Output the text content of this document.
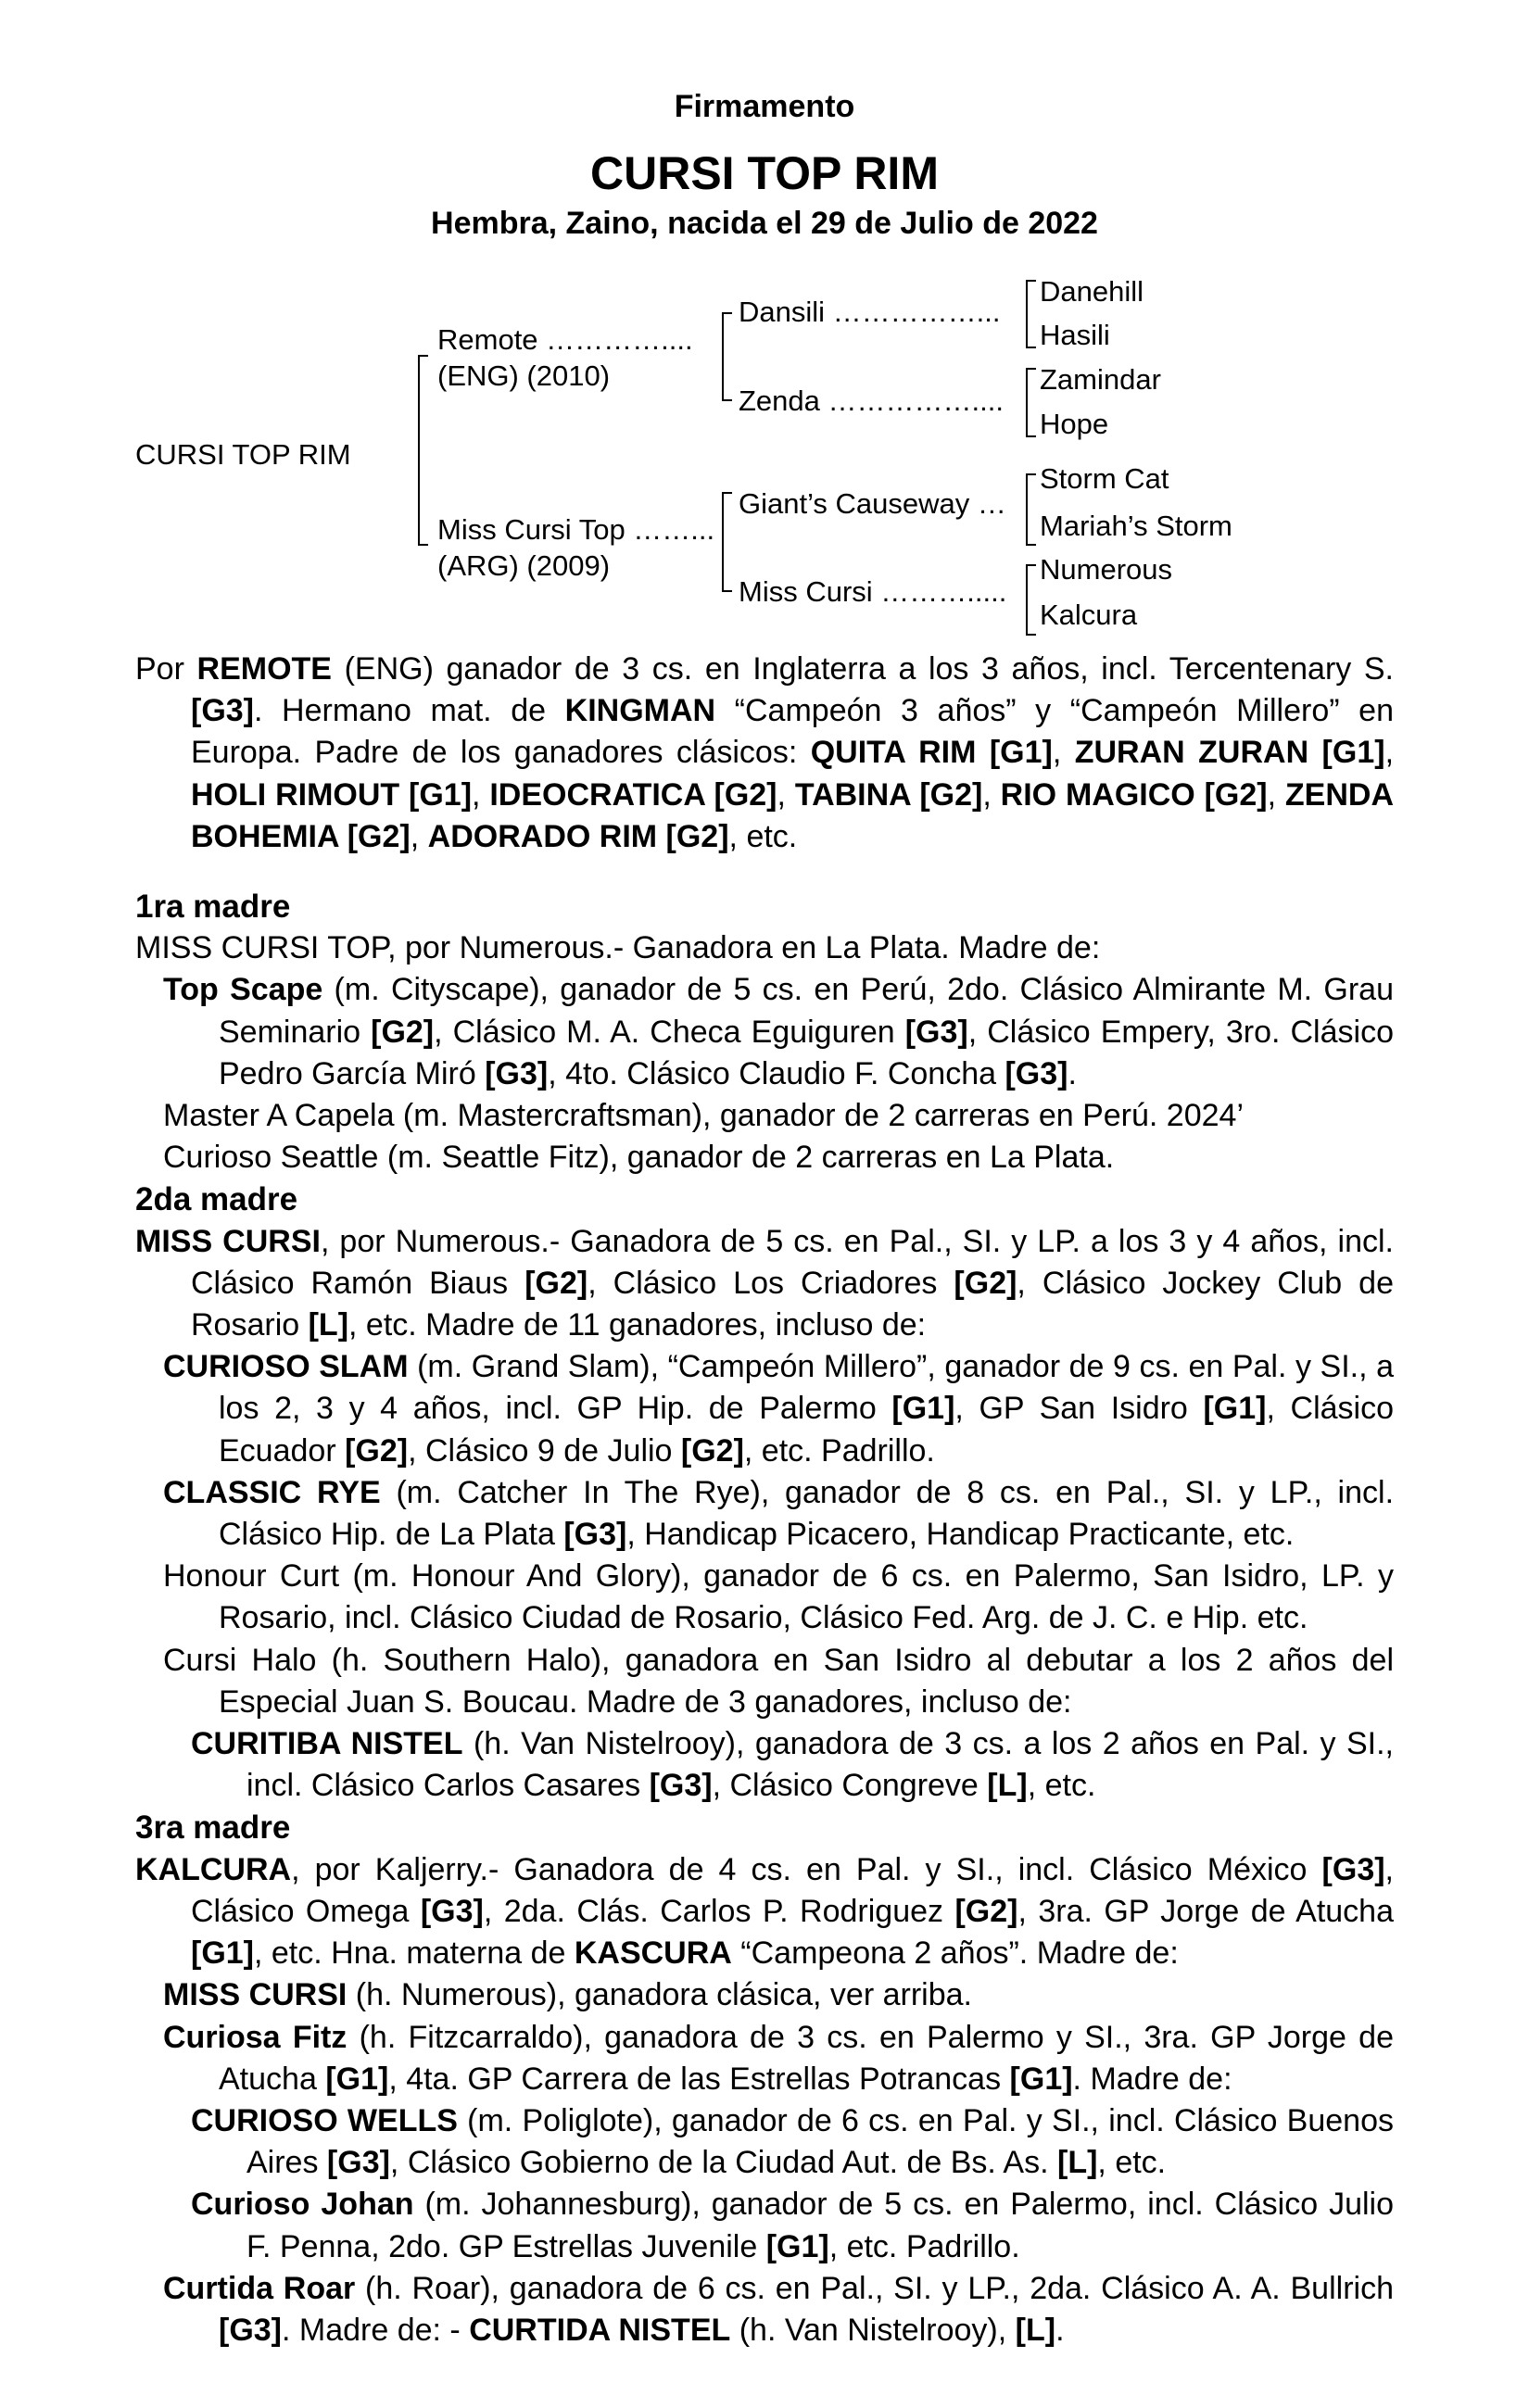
Firmamento
CURSI TOP RIM
Hembra, Zaino, nacida el 29 de Julio de 2022
CURSI TOP RIM
Remote …………....
(ENG) (2010)
Miss Cursi Top ……...
(ARG) (2009)
Dansili ……………...
Zenda ……………....
Giant’s Causeway …
Miss Cursi ……….....
Danehill
Hasili
Zamindar
Hope
Storm Cat
Mariah’s Storm
Numerous
Kalcura

Por REMOTE (ENG) ganador de 3 cs. en Inglaterra a los 3 años, incl. Tercentenary S. [G3]. Hermano mat. de KINGMAN “Campeón 3 años” y “Campeón Millero” en Europa. Padre de los ganadores clásicos: QUITA RIM [G1], ZURAN ZURAN [G1], HOLI RIMOUT [G1], IDEOCRATICA [G2], TABINA [G2], RIO MAGICO [G2], ZENDA BOHEMIA [G2], ADORADO RIM [G2], etc.

1ra madre

MISS CURSI TOP, por Numerous.- Ganadora en La Plata. Madre de:

Top Scape (m. Cityscape), ganador de 5 cs. en Perú, 2do. Clásico Almirante M. Grau Seminario [G2], Clásico M. A. Checa Eguiguren [G3], Clásico Empery, 3ro. Clásico Pedro García Miró [G3], 4to. Clásico Claudio F. Concha [G3].

Master A Capela (m. Mastercraftsman), ganador de 2 carreras en Perú. 2024’

Curioso Seattle (m. Seattle Fitz), ganador de 2 carreras en La Plata.

2da madre

MISS CURSI, por Numerous.- Ganadora de 5 cs. en Pal., SI. y LP. a los 3 y 4 años, incl. Clásico Ramón Biaus [G2], Clásico Los Criadores [G2], Clásico Jockey Club de Rosario [L], etc. Madre de 11 ganadores, incluso de:

CURIOSO SLAM (m. Grand Slam), “Campeón Millero”, ganador de 9 cs. en Pal. y SI., a los 2, 3 y 4 años, incl. GP Hip. de Palermo [G1], GP San Isidro [G1], Clásico Ecuador [G2], Clásico 9 de Julio [G2], etc. Padrillo.

CLASSIC RYE (m. Catcher In The Rye), ganador de 8 cs. en Pal., SI. y LP., incl. Clásico Hip. de La Plata [G3], Handicap Picacero, Handicap Practicante, etc.

Honour Curt (m. Honour And Glory), ganador de 6 cs. en Palermo, San Isidro, LP. y Rosario, incl. Clásico Ciudad de Rosario, Clásico Fed. Arg. de J. C. e Hip. etc.

Cursi Halo (h. Southern Halo), ganadora en San Isidro al debutar a los 2 años del Especial Juan S. Boucau. Madre de 3 ganadores, incluso de:

CURITIBA NISTEL (h. Van Nistelrooy), ganadora de 3 cs. a los 2 años en Pal. y SI., incl. Clásico Carlos Casares [G3], Clásico Congreve [L], etc.

3ra madre

KALCURA, por Kaljerry.- Ganadora de 4 cs. en Pal. y SI., incl. Clásico México [G3], Clásico Omega [G3], 2da. Clás. Carlos P. Rodriguez [G2], 3ra. GP Jorge de Atucha [G1], etc. Hna. materna de KASCURA “Campeona 2 años”. Madre de:

MISS CURSI (h. Numerous), ganadora clásica, ver arriba.

Curiosa Fitz (h. Fitzcarraldo), ganadora de 3 cs. en Palermo y SI., 3ra. GP Jorge de Atucha [G1], 4ta. GP Carrera de las Estrellas Potrancas [G1]. Madre de:

CURIOSO WELLS (m. Poliglote), ganador de 6 cs. en Pal. y SI., incl. Clásico Buenos Aires [G3], Clásico Gobierno de la Ciudad Aut. de Bs. As. [L], etc.

Curioso Johan (m. Johannesburg), ganador de 5 cs. en Palermo, incl. Clásico Julio F. Penna, 2do. GP Estrellas Juvenile [G1], etc. Padrillo.

Curtida Roar (h. Roar), ganadora de 6 cs. en Pal., SI. y LP., 2da. Clásico A. A. Bullrich [G3]. Madre de: - CURTIDA NISTEL (h. Van Nistelrooy), [L].
